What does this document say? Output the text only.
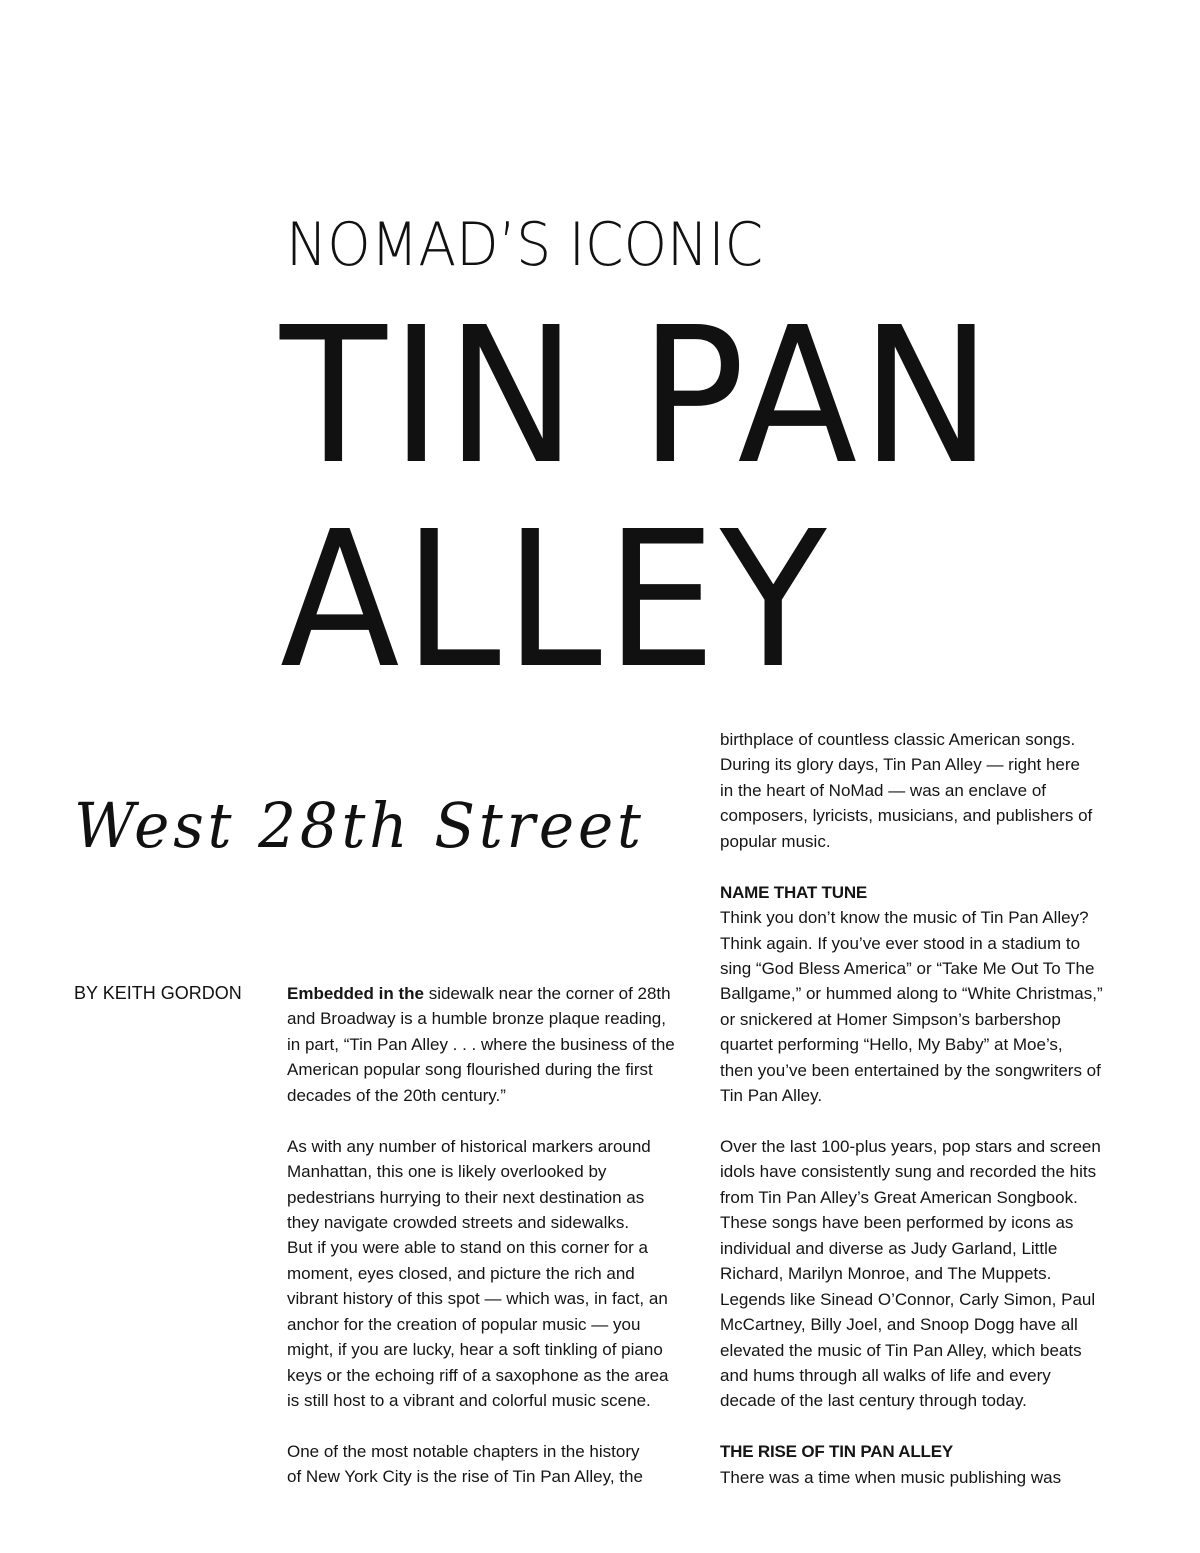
NOMAD’S ICONIC
TIN PAN
ALLEY
West 28th Street
BY KEITH GORDON	Embedded in the sidewalk near the corner of 28th
and Broadway is a humble bronze plaque reading,
in part, “Tin Pan Alley . . . where the business of the
American popular song flourished during the first
decades of the 20th century.”
As with any number of historical markers around
Manhattan, this one is likely overlooked by
pedestrians hurrying to their next destination as
they navigate crowded streets and sidewalks.
But if you were able to stand on this corner for a
moment, eyes closed, and picture the rich and
vibrant history of this spot — which was, in fact, an
anchor for the creation of popular music — you
might, if you are lucky, hear a soft tinkling of piano
keys or the echoing riff of a saxophone as the area
is still host to a vibrant and colorful music scene.
One of the most notable chapters in the history
of New York City is the rise of Tin Pan Alley, the
birthplace of countless classic American songs.
During its glory days, Tin Pan Alley — right here
in the heart of NoMad — was an enclave of
composers, lyricists, musicians, and publishers of
popular music.
NAME THAT TUNE
Think you don’t know the music of Tin Pan Alley?
Think again. If you’ve ever stood in a stadium to
sing “God Bless America” or “Take Me Out To The
Ballgame,” or hummed along to “White Christmas,”
or snickered at Homer Simpson’s barbershop
quartet performing “Hello, My Baby” at Moe’s,
then you’ve been entertained by the songwriters of
Tin Pan Alley.
Over the last 100-plus years, pop stars and screen
idols have consistently sung and recorded the hits
from Tin Pan Alley’s Great American Songbook.
These songs have been performed by icons as
individual and diverse as Judy Garland, Little
Richard, Marilyn Monroe, and The Muppets.
Legends like Sinead O’Connor, Carly Simon, Paul
McCartney, Billy Joel, and Snoop Dogg have all
elevated the music of Tin Pan Alley, which beats
and hums through all walks of life and every
decade of the last century through today.
THE RISE OF TIN PAN ALLEY
There was a time when music publishing was
